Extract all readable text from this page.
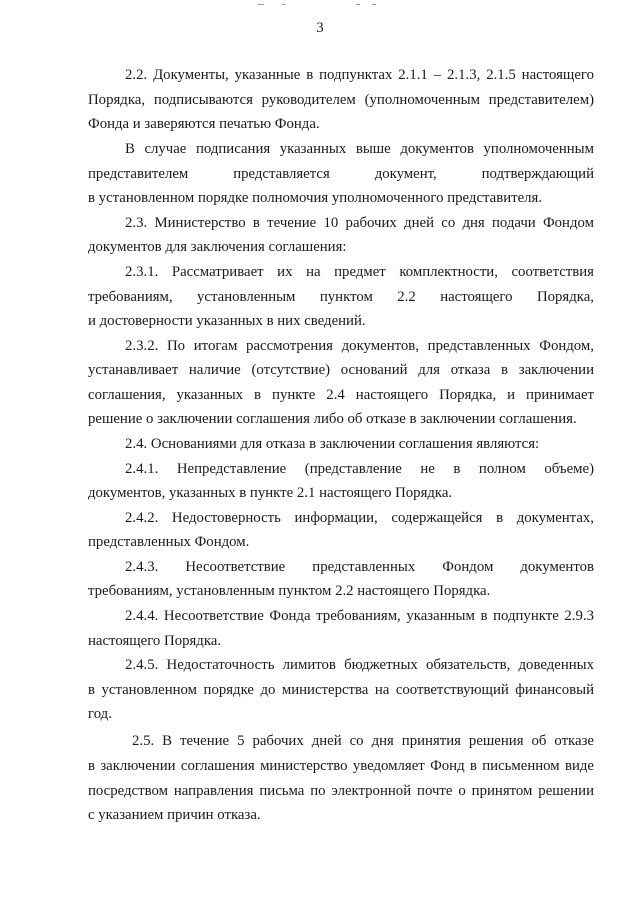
3
2.2. Документы, указанные в подпунктах 2.1.1 – 2.1.3, 2.1.5 настоящего
Порядка, подписываются руководителем (уполномоченным представителем)
Фонда и заверяются печатью Фонда.
В случае подписания указанных выше документов уполномоченным
представителем представляется документ, подтверждающий
в установленном порядке полномочия уполномоченного представителя.
2.3. Министерство в течение 10 рабочих дней со дня подачи Фондом
документов для заключения соглашения:
2.3.1. Рассматривает их на предмет комплектности, соответствия
требованиям, установленным пунктом 2.2 настоящего Порядка,
и достоверности указанных в них сведений.
2.3.2. По итогам рассмотрения документов, представленных Фондом,
устанавливает наличие (отсутствие) оснований для отказа в заключении
соглашения, указанных в пункте 2.4 настоящего Порядка, и принимает
решение о заключении соглашения либо об отказе в заключении соглашения.
2.4. Основаниями для отказа в заключении соглашения являются:
2.4.1. Непредставление (представление не в полном объеме)
документов, указанных в пункте 2.1 настоящего Порядка.
2.4.2. Недостоверность информации, содержащейся в документах,
представленных Фондом.
2.4.3. Несоответствие представленных Фондом документов
требованиям, установленным пунктом 2.2 настоящего Порядка.
2.4.4. Несоответствие Фонда требованиям, указанным в подпункте 2.9.3
настоящего Порядка.
2.4.5. Недостаточность лимитов бюджетных обязательств, доведенных
в установленном порядке до министерства на соответствующий финансовый
год.
2.5. В течение 5 рабочих дней со дня принятия решения об отказе
в заключении соглашения министерство уведомляет Фонд в письменном виде
посредством направления письма по электронной почте о принятом решении
с указанием причин отказа.
